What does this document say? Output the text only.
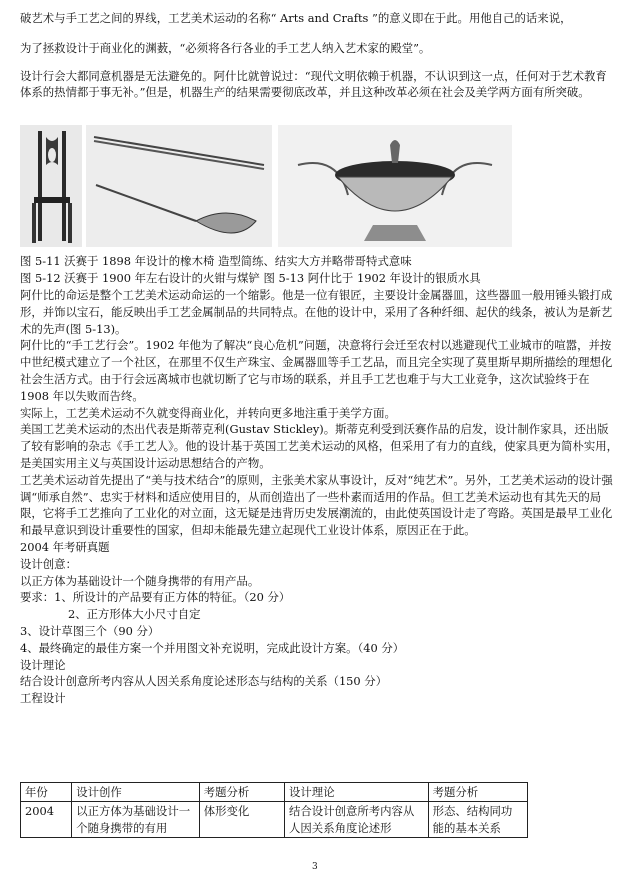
破艺术与手工艺之间的界线，工艺美术运动的名称“ Arts and Crafts ”的意义即在于此。用他自己的话来说，
为了拯救设计于商业化的渊薮，“必须将各行各业的手工艺人纳入艺术家的殿堂”。
设计行会大都同意机器是无法避免的。阿什比就曾说过：“现代文明依赖于机器，不认识到这一点，任何对于艺术教育体系的热情都于事无补。”但是，机器生产的结果需要彻底改革，并且这种改革必须在社会及美学两方面有所突破。
图 5-11 沃赛于 1898 年设计的橡木椅 造型简练、结实大方并略带哥特式意味
图 5-12 沃赛于 1900 年左右设计的火钳与煤铲 图 5-13 阿什比于 1902 年设计的银质水具

阿什比的命运是整个工艺美术运动命运的一个缩影。他是一位有银匠，主要设计金属器皿，这些器皿一般用锤头锻打成形，并饰以宝石，能反映出手工艺金属制品的共同特点。在他的设计中，采用了各种纤细、起伏的线条，被认为是新艺术的先声(图 5-13)。

阿什比的“手工艺行会”。1902 年他为了解决“良心危机”问题，决意将行会迁至农村以逃避现代工业城市的喧嚣，并按中世纪模式建立了一个社区，在那里不仅生产珠宝、金属器皿等手工艺品，而且完全实现了莫里斯早期所描绘的理想化社会生活方式。由于行会远离城市也就切断了它与市场的联系，并且手工艺也难于与大工业竞争，这次试验终于在 1908 年以失败而告终。

实际上，工艺美术运动不久就变得商业化，并转向更多地注重于美学方面。

美国工艺美术运动的杰出代表是斯蒂克利(Gustav Stickley)。斯蒂克利受到沃赛作品的启发，设计制作家具，还出版了较有影响的杂志《手工艺人》。他的设计基于英国工艺美术运动的风格，但采用了有力的直线，使家具更为简朴实用，是美国实用主义与英国设计运动思想结合的产物。

工艺美术运动首先提出了“美与技术结合”的原则，主张美术家从事设计，反对“纯艺术”。另外，工艺美术运动的设计强调“师承自然”、忠实于材料和适应使用目的，从而创造出了一些朴素而适用的作品。但工艺美术运动也有其先天的局限，它将手工艺推向了工业化的对立面，这无疑是违背历史发展潮流的，由此使英国设计走了弯路。英国是最早工业化和最早意识到设计重要性的国家，但却未能最先建立起现代工业设计体系，原因正在于此。

2004 年考研真题

设计创意：

以正方体为基础设计一个随身携带的有用产品。

要求：1、所设计的产品要有正方体的特征。（20 分）

2、正方形体大小尺寸自定

3、设计草图三个（90 分）

4、最终确定的最佳方案一个并用图文补充说明，完成此设计方案。（40 分）

设计理论

结合设计创意所考内容从人因关系角度论述形态与结构的关系（150 分）

工程设计

年份	设计创作	考题分析	设计理论	考题分析
2004	以正方体为基础设计一个随身携带的有用	体形变化	结合设计创意所考内容从人因关系角度论述形	形态、结构同功能的基本关系
3
